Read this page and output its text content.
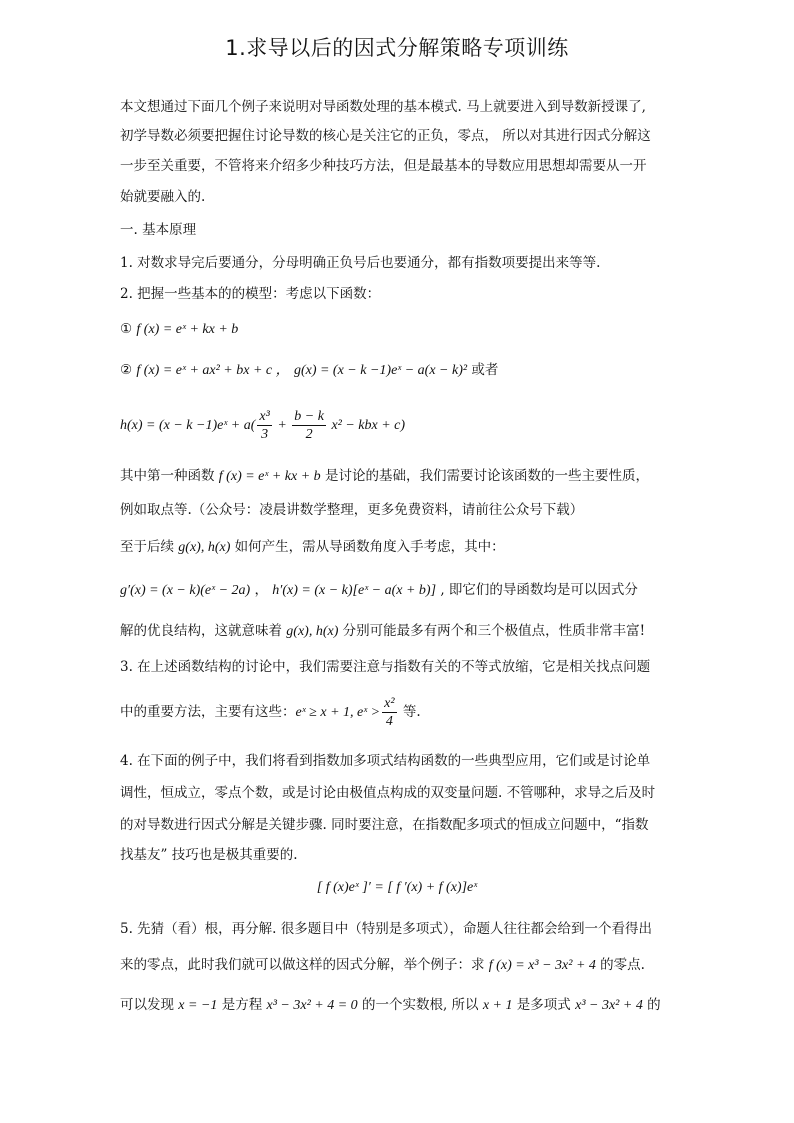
1.求导以后的因式分解策略专项训练
本文想通过下面几个例子来说明对导函数处理的基本模式. 马上就要进入到导数新授课了,
初学导数必须要把握住讨论导数的核心是关注它的正负，零点， 所以对其进行因式分解这
一步至关重要，不管将来介绍多少种技巧方法，但是最基本的导数应用思想却需要从一开
始就要融入的.
一. 基本原理
1. 对数求导完后要通分，分母明确正负号后也要通分，都有指数项要提出来等等.
2. 把握一些基本的的模型：考虑以下函数：
① f (x) = eˣ + kx + b
② f (x) = eˣ + ax² + bx + c ， g(x) = (x − k −1)eˣ − a(x − k)² 或者
h(x) = (x − k −1)eˣ + $a( \frac{\text{x³}}{3} + \frac{b - k}{2} x^2$ − kbx + c)
其中第一种函数 f (x) = eˣ + kx + b 是讨论的基础，我们需要讨论该函数的一些主要性质，
例如取点等.（公众号：凌晨讲数学整理，更多免费资料，请前往公众号下载）
至于后续 g(x), h(x) 如何产生，需从导函数角度入手考虑，其中：
g′(x) = (x − k)(eˣ − 2a) ， h′(x) = (x − k)[eˣ − a(x + b)] , 即它们的导函数均是可以因式分
解的优良结构，这就意味着 g(x), h(x) 分别可能最多有两个和三个极值点，性质非常丰富!
3. 在上述函数结构的讨论中，我们需要注意与指数有关的不等式放缩，它是相关找点问题
中的重要方法，主要有这些：eˣ ≥ x + 1, eˣ > $\frac{\text{x²}}{4}$ 等.
4. 在下面的例子中，我们将看到指数加多项式结构函数的一些典型应用，它们或是讨论单
调性，恒成立，零点个数，或是讨论由极值点构成的双变量问题. 不管哪种，求导之后及时
的对导数进行因式分解是关键步骤. 同时要注意，在指数配多项式的恒成立问题中，“指数
找基友” 技巧也是极其重要的.
[ f (x)eˣ ]′ = [ f ′(x) + f (x)]eˣ
5. 先猜（看）根，再分解. 很多题目中（特别是多项式），命题人往往都会给到一个看得出
来的零点，此时我们就可以做这样的因式分解，举个例子：求 f (x) = x³ − 3x² + 4 的零点.
可以发现 x = −1 是方程 x³ − 3x² + 4 = 0 的一个实数根, 所以 x + 1 是多项式 x³ − 3x² + 4 的
